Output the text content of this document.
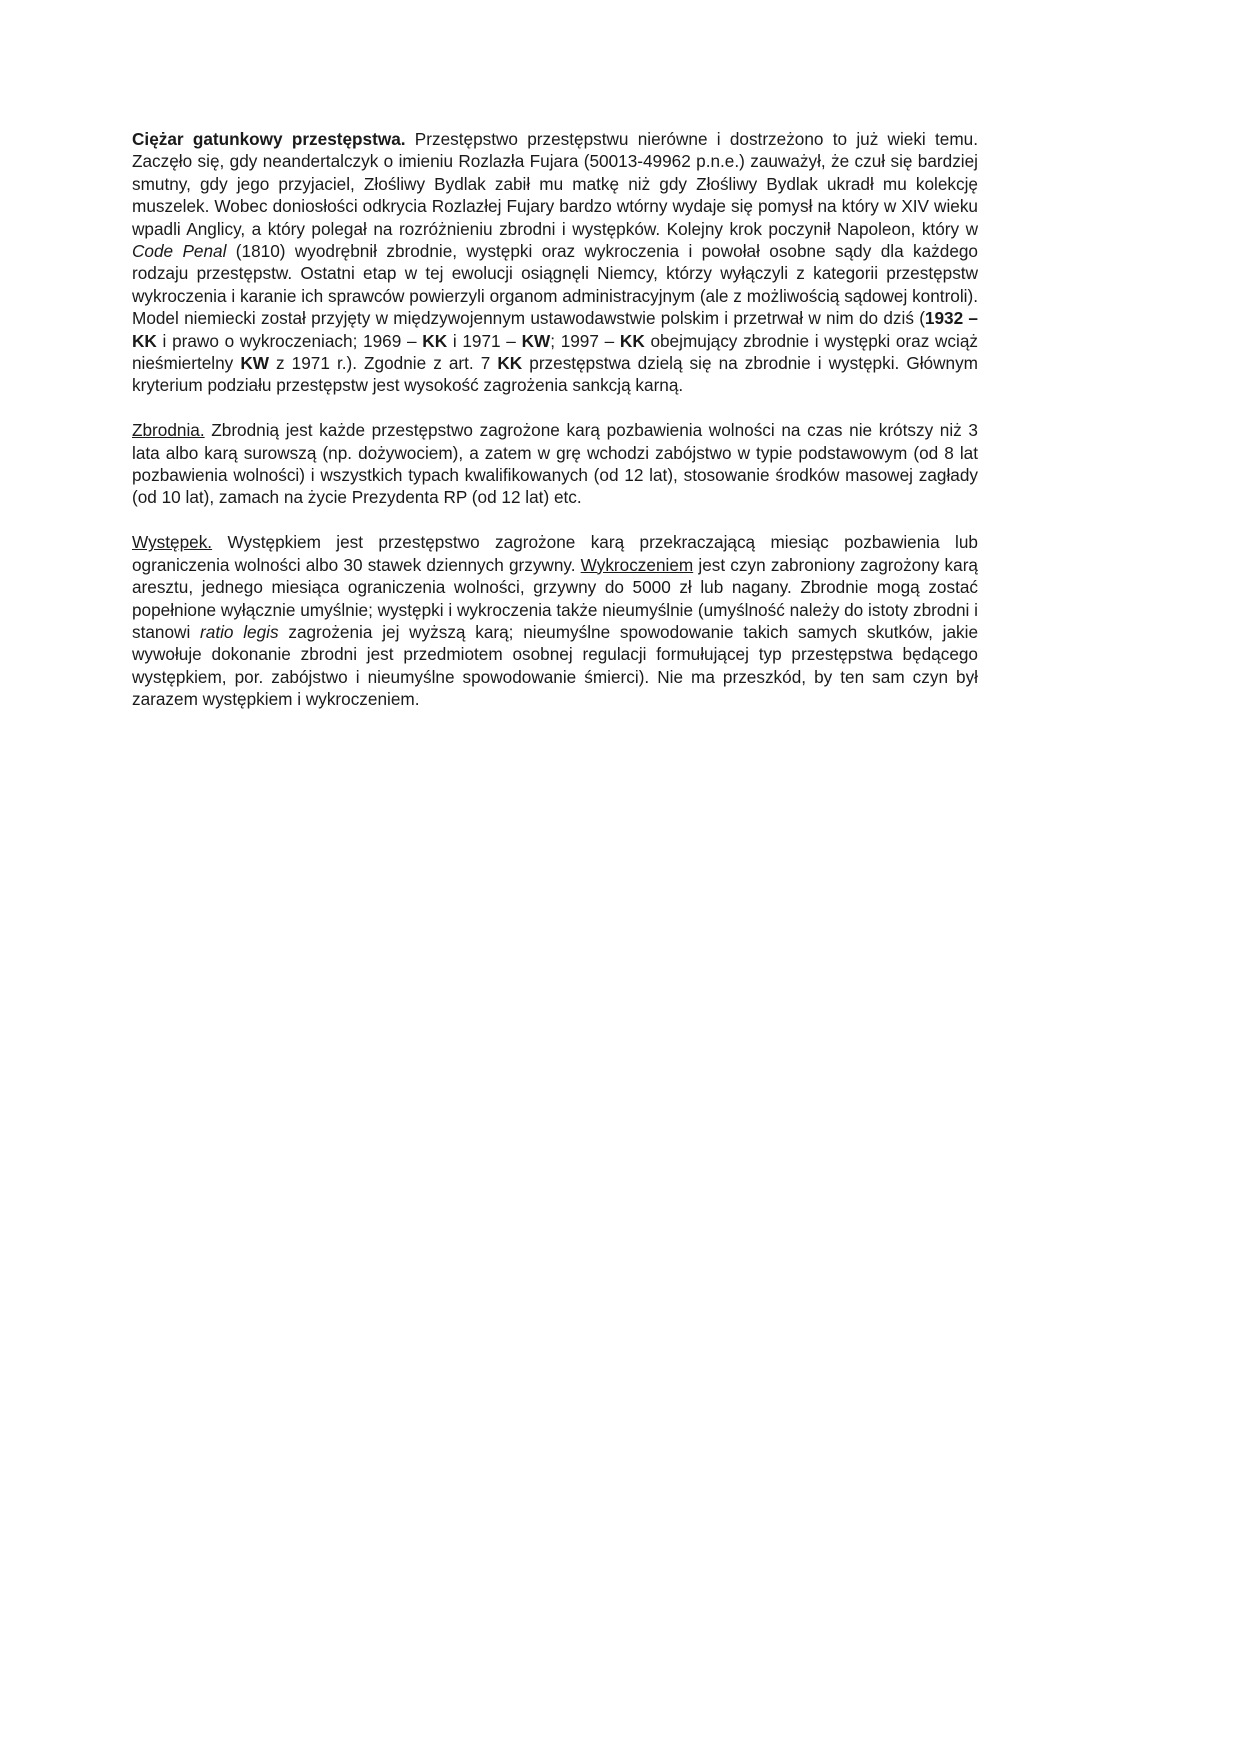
Ciężar gatunkowy przestępstwa. Przestępstwo przestępstwu nierówne i dostrzeżono to już wieki temu. Zaczęło się, gdy neandertalczyk o imieniu Rozlazła Fujara (50013-49962 p.n.e.) zauważył, że czuł się bardziej smutny, gdy jego przyjaciel, Złośliwy Bydlak zabił mu matkę niż gdy Złośliwy Bydlak ukradł mu kolekcję muszelek. Wobec doniosłości odkrycia Rozlazłej Fujary bardzo wtórny wydaje się pomysł na który w XIV wieku wpadli Anglicy, a który polegał na rozróżnieniu zbrodni i występków. Kolejny krok poczynił Napoleon, który w Code Penal (1810) wyodrębnił zbrodnie, występki oraz wykroczenia i powołał osobne sądy dla każdego rodzaju przestępstw. Ostatni etap w tej ewolucji osiągnęli Niemcy, którzy wyłączyli z kategorii przestępstw wykroczenia i karanie ich sprawców powierzyli organom administracyjnym (ale z możliwością sądowej kontroli). Model niemiecki został przyjęty w międzywojennym ustawodawstwie polskim i przetrwał w nim do dziś (1932 – KK i prawo o wykroczeniach; 1969 – KK i 1971 – KW; 1997 – KK obejmujący zbrodnie i występki oraz wciąż nieśmiertelny KW z 1971 r.). Zgodnie z art. 7 KK przestępstwa dzielą się na zbrodnie i występki. Głównym kryterium podziału przestępstw jest wysokość zagrożenia sankcją karną.

Zbrodnia. Zbrodnią jest każde przestępstwo zagrożone karą pozbawienia wolności na czas nie krótszy niż 3 lata albo karą surowszą (np. dożywociem), a zatem w grę wchodzi zabójstwo w typie podstawowym (od 8 lat pozbawienia wolności) i wszystkich typach kwalifikowanych (od 12 lat), stosowanie środków masowej zagłady (od 10 lat), zamach na życie Prezydenta RP (od 12 lat) etc.

Występek. Występkiem jest przestępstwo zagrożone karą przekraczającą miesiąc pozbawienia lub ograniczenia wolności albo 30 stawek dziennych grzywny. Wykroczeniem jest czyn zabroniony zagrożony karą aresztu, jednego miesiąca ograniczenia wolności, grzywny do 5000 zł lub nagany. Zbrodnie mogą zostać popełnione wyłącznie umyślnie; występki i wykroczenia także nieumyślnie (umyślność należy do istoty zbrodni i stanowi ratio legis zagrożenia jej wyższą karą; nieumyślne spowodowanie takich samych skutków, jakie wywołuje dokonanie zbrodni jest przedmiotem osobnej regulacji formułującej typ przestępstwa będącego występkiem, por. zabójstwo i nieumyślne spowodowanie śmierci). Nie ma przeszkód, by ten sam czyn był zarazem występkiem i wykroczeniem.
